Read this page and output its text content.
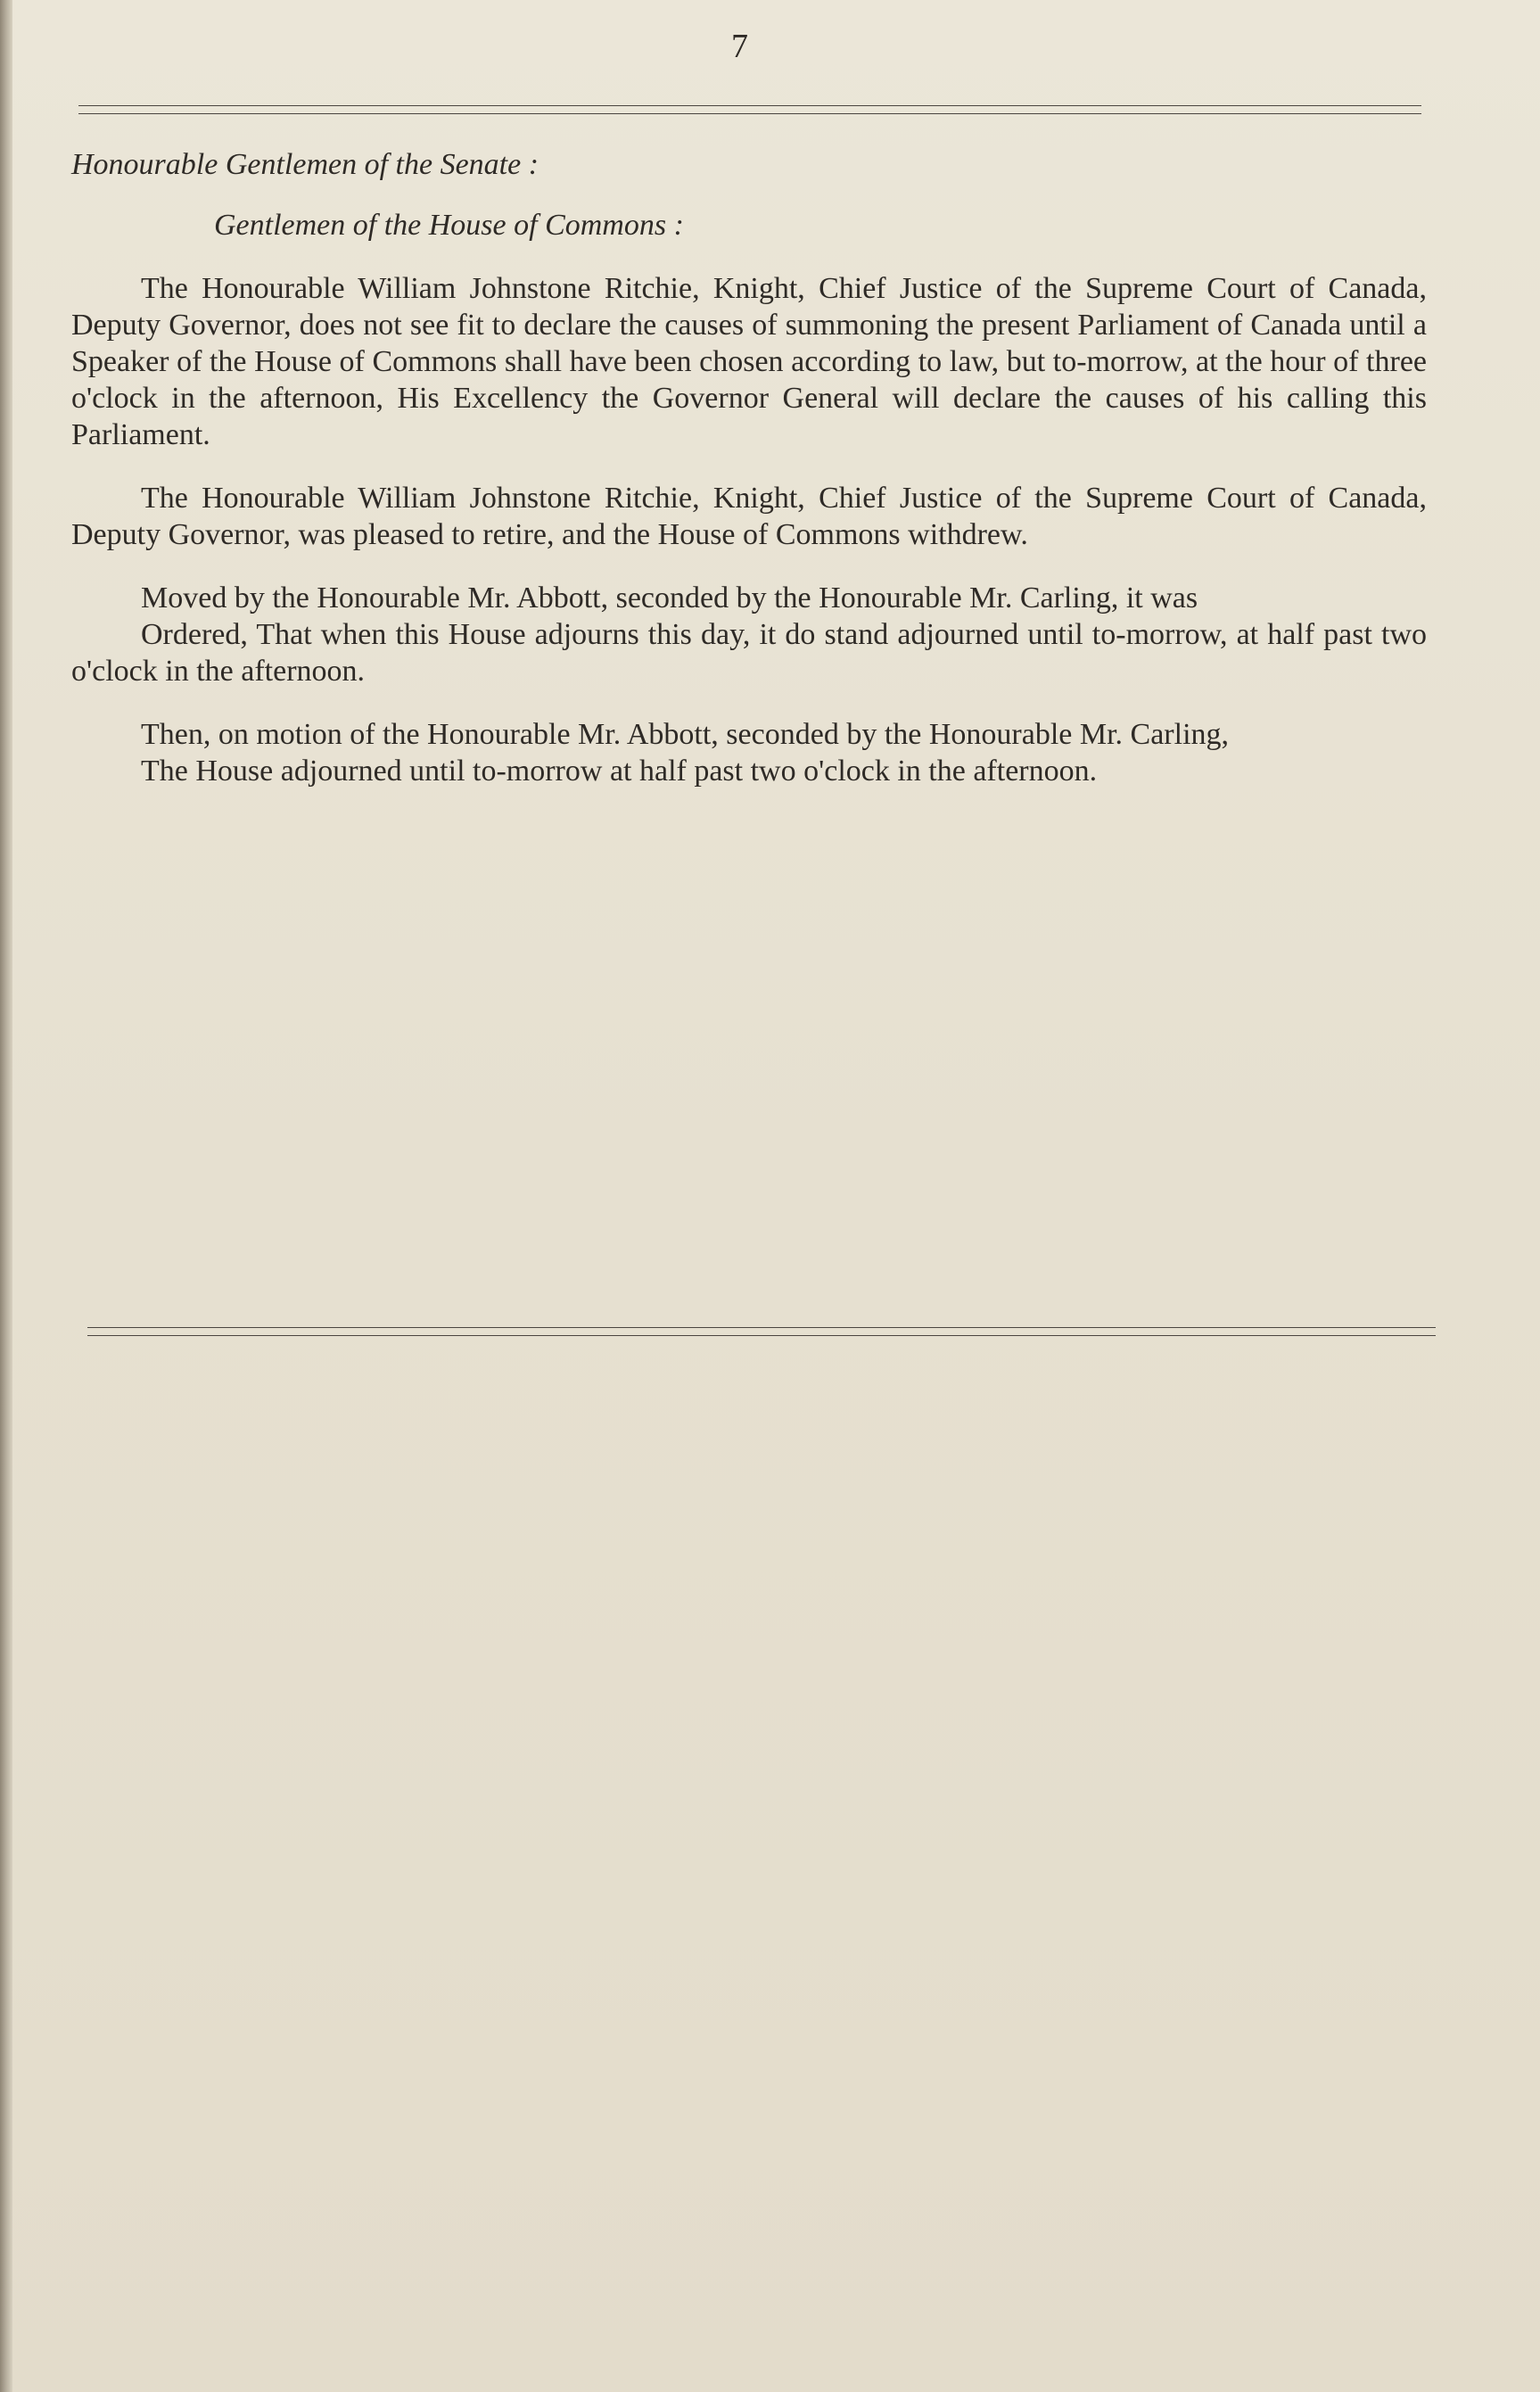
7

Honourable Gentlemen of the Senate :

Gentlemen of the House of Commons :

The Honourable William Johnstone Ritchie, Knight, Chief Justice of the Supreme Court of Canada, Deputy Governor, does not see fit to declare the causes of summoning the present Parliament of Canada until a Speaker of the House of Commons shall have been chosen according to law, but to-morrow, at the hour of three o'clock in the afternoon, His Excellency the Governor General will declare the causes of his calling this Parliament.

The Honourable William Johnstone Ritchie, Knight, Chief Justice of the Supreme Court of Canada, Deputy Governor, was pleased to retire, and the House of Commons withdrew.

Moved by the Honourable Mr. Abbott, seconded by the Honourable Mr. Carling, it was

Ordered, That when this House adjourns this day, it do stand adjourned until to-morrow, at half past two o'clock in the afternoon.

Then, on motion of the Honourable Mr. Abbott, seconded by the Honourable Mr. Carling,

The House adjourned until to-morrow at half past two o'clock in the afternoon.
